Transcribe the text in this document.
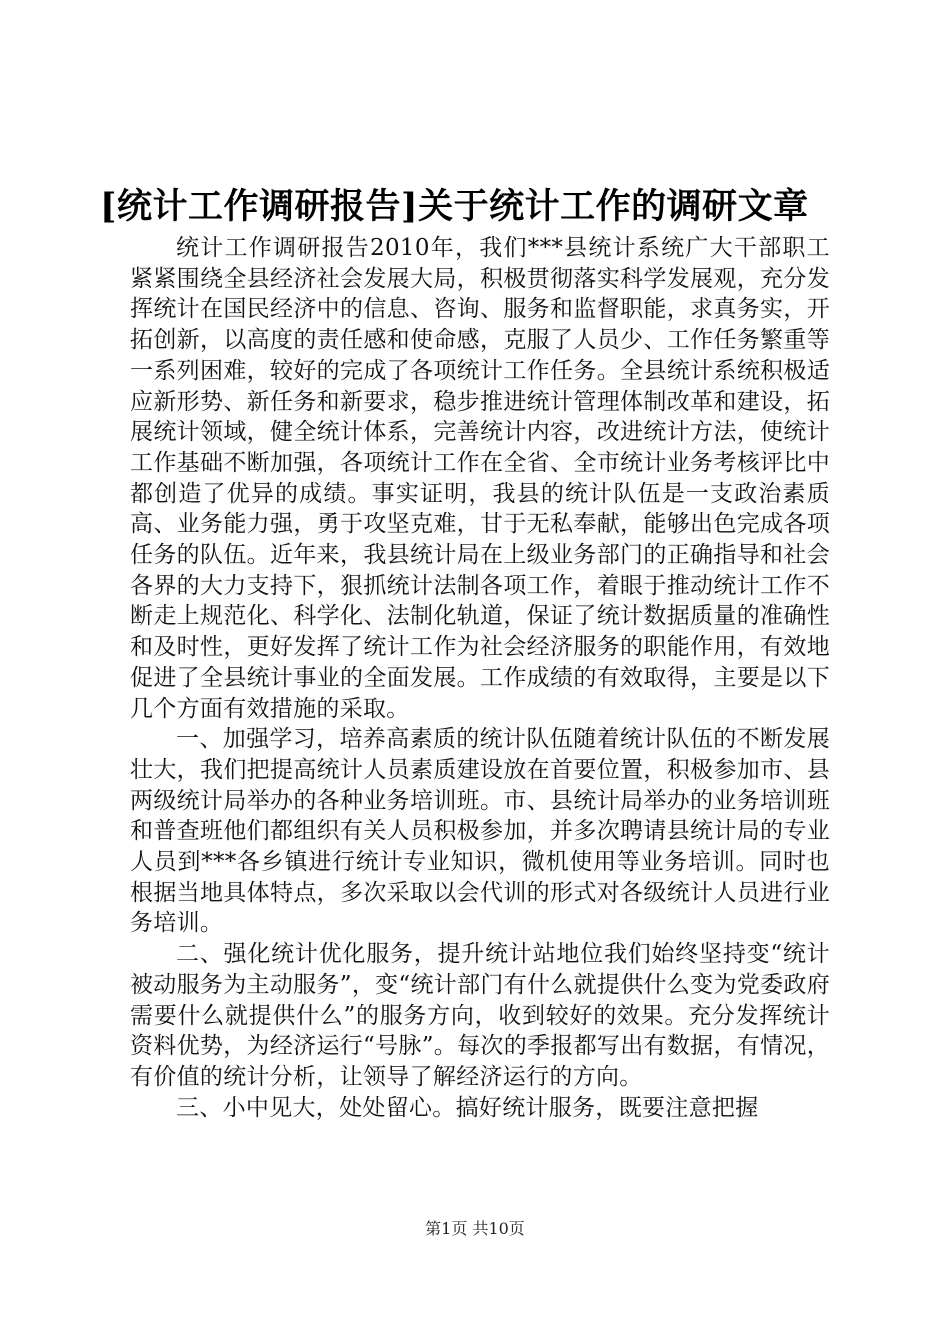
[统计工作调研报告]关于统计工作的调研文章

统计工作调研报告2010年，我们***县统计系统广大干部职工紧紧围绕全县经济社会发展大局，积极贯彻落实科学发展观，充分发挥统计在国民经济中的信息、咨询、服务和监督职能，求真务实，开拓创新，以高度的责任感和使命感，克服了人员少、工作任务繁重等一系列困难，较好的完成了各项统计工作任务。全县统计系统积极适应新形势、新任务和新要求，稳步推进统计管理体制改革和建设，拓展统计领域，健全统计体系，完善统计内容，改进统计方法，使统计工作基础不断加强，各项统计工作在全省、全市统计业务考核评比中都创造了优异的成绩。事实证明，我县的统计队伍是一支政治素质高、业务能力强，勇于攻坚克难，甘于无私奉献，能够出色完成各项任务的队伍。近年来，我县统计局在上级业务部门的正确指导和社会各界的大力支持下，狠抓统计法制各项工作，着眼于推动统计工作不断走上规范化、科学化、法制化轨道，保证了统计数据质量的准确性和及时性，更好发挥了统计工作为社会经济服务的职能作用，有效地促进了全县统计事业的全面发展。工作成绩的有效取得，主要是以下几个方面有效措施的采取。

一、加强学习，培养高素质的统计队伍随着统计队伍的不断发展壮大，我们把提高统计人员素质建设放在首要位置，积极参加市、县两级统计局举办的各种业务培训班。市、县统计局举办的业务培训班和普查班他们都组织有关人员积极参加，并多次聘请县统计局的专业人员到***各乡镇进行统计专业知识，微机使用等业务培训。同时也根据当地具体特点，多次采取以会代训的形式对各级统计人员进行业务培训。

二、强化统计优化服务，提升统计站地位我们始终坚持变“统计被动服务为主动服务”，变“统计部门有什么就提供什么变为党委政府需要什么就提供什么”的服务方向，收到较好的效果。充分发挥统计资料优势，为经济运行“号脉”。每次的季报都写出有数据，有情况，有价值的统计分析，让领导了解经济运行的方向。

三、小中见大，处处留心。搞好统计服务，既要注意把握

第1页 共10页
